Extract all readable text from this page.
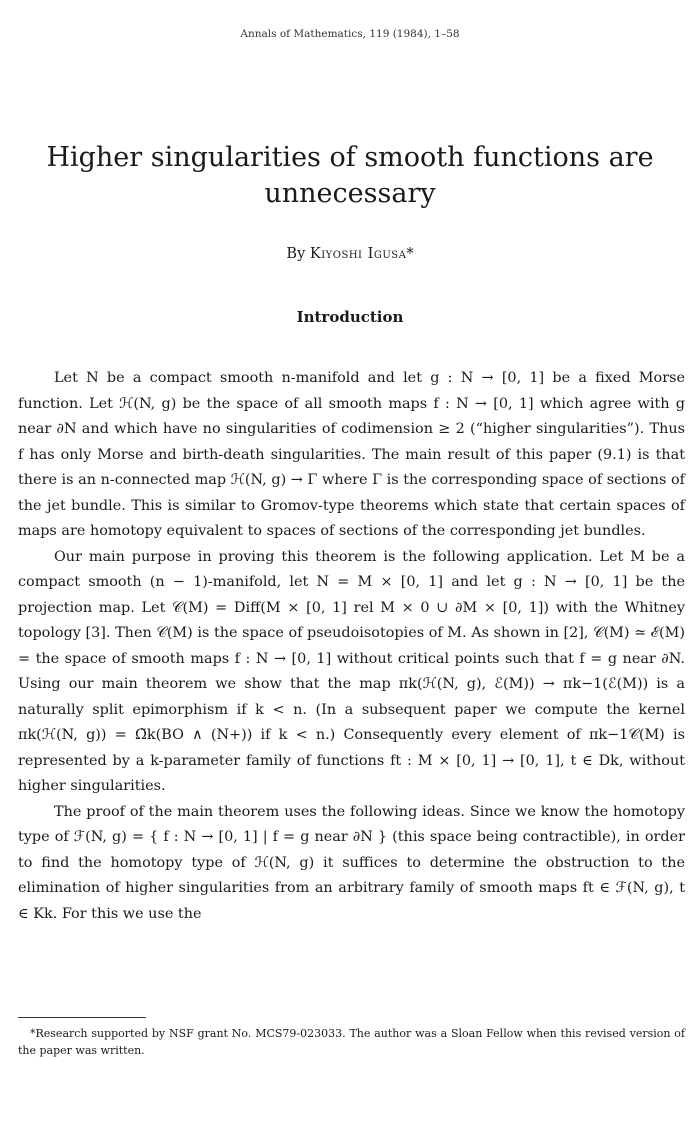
Annals of Mathematics, 119 (1984), 1–58
Higher singularities of smooth functions are unnecessary
By Kiyoshi Igusa*
Introduction

Let N be a compact smooth n-manifold and let g : N → [0, 1] be a fixed Morse function. Let ℋ(N, g) be the space of all smooth maps f : N → [0, 1] which agree with g near ∂N and which have no singularities of codimension ≥ 2 (“higher singularities”). Thus f has only Morse and birth-death singularities. The main result of this paper (9.1) is that there is an n-connected map ℋ(N, g) → Γ where Γ is the corresponding space of sections of the jet bundle. This is similar to Gromov-type theorems which state that certain spaces of maps are homotopy equivalent to spaces of sections of the corresponding jet bundles.

Our main purpose in proving this theorem is the following application. Let M be a compact smooth (n − 1)-manifold, let N = M × [0, 1] and let g : N → [0, 1] be the projection map. Let 𝒞(M) = Diff(M × [0, 1] rel M × 0 ∪ ∂M × [0, 1]) with the Whitney topology [3]. Then 𝒞(M) is the space of pseudoisotopies of M. As shown in [2], 𝒞(M) ≃ ℰ(M) = the space of smooth maps f : N → [0, 1] without critical points such that f = g near ∂N. Using our main theorem we show that the map πk(ℋ(N, g), ℰ(M)) → πk−1(ℰ(M)) is a naturally split epimorphism if k < n. (In a subsequent paper we compute the kernel πk(ℋ(N, g)) = Ω̃k(BO ∧ (N+)) if k < n.) Consequently every element of πk−1𝒞(M) is represented by a k-parameter family of functions ft : M × [0, 1] → [0, 1], t ∈ Dk, without higher singularities.

The proof of the main theorem uses the following ideas. Since we know the homotopy type of ℱ(N, g) = { f : N → [0, 1] | f = g near ∂N } (this space being contractible), in order to find the homotopy type of ℋ(N, g) it suffices to determine the obstruction to the elimination of higher singularities from an arbitrary family of smooth maps ft ∈ ℱ(N, g), t ∈ Kk. For this we use the

*Research supported by NSF grant No. MCS79-023033. The author was a Sloan Fellow when this revised version of the paper was written.
